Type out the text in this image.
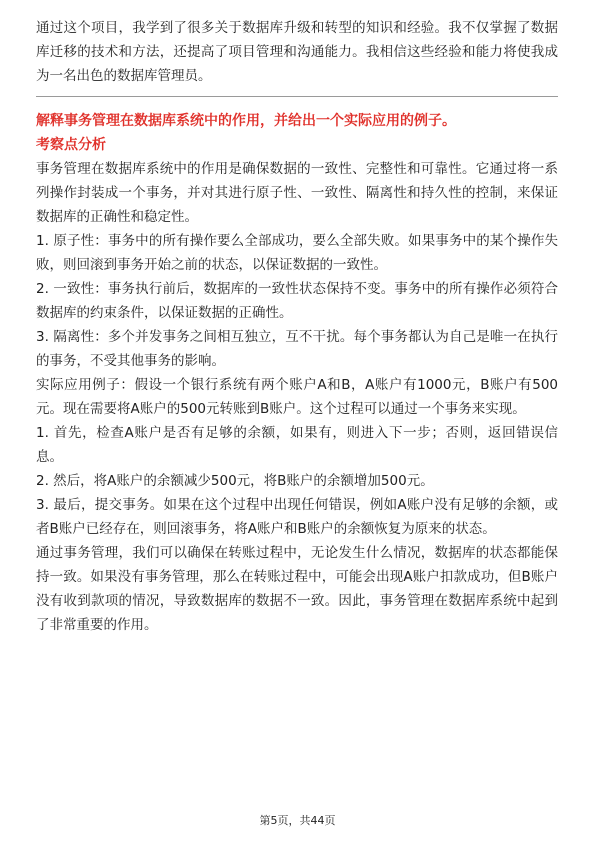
通过这个项目，我学到了很多关于数据库升级和转型的知识和经验。我不仅掌握了数据库迁移的技术和方法，还提高了项目管理和沟通能力。我相信这些经验和能力将使我成为一名出色的数据库管理员。

解释事务管理在数据库系统中的作用，并给出一个实际应用的例子。

考察点分析

事务管理在数据库系统中的作用是确保数据的一致性、完整性和可靠性。它通过将一系列操作封装成一个事务，并对其进行原子性、一致性、隔离性和持久性的控制，来保证数据库的正确性和稳定性。

1. 原子性：事务中的所有操作要么全部成功，要么全部失败。如果事务中的某个操作失败，则回滚到事务开始之前的状态，以保证数据的一致性。

2. 一致性：事务执行前后，数据库的一致性状态保持不变。事务中的所有操作必须符合数据库的约束条件，以保证数据的正确性。

3. 隔离性：多个并发事务之间相互独立，互不干扰。每个事务都认为自己是唯一在执行的事务，不受其他事务的影响。

实际应用例子：假设一个银行系统有两个账户A和B，A账户有1000元，B账户有500元。现在需要将A账户的500元转账到B账户。这个过程可以通过一个事务来实现。

1. 首先，检查A账户是否有足够的余额，如果有，则进入下一步；否则，返回错误信息。

2. 然后，将A账户的余额减少500元，将B账户的余额增加500元。

3. 最后，提交事务。如果在这个过程中出现任何错误，例如A账户没有足够的余额，或者B账户已经存在，则回滚事务，将A账户和B账户的余额恢复为原来的状态。

通过事务管理，我们可以确保在转账过程中，无论发生什么情况，数据库的状态都能保持一致。如果没有事务管理，那么在转账过程中，可能会出现A账户扣款成功，但B账户没有收到款项的情况，导致数据库的数据不一致。因此，事务管理在数据库系统中起到了非常重要的作用。

第5页，共44页
